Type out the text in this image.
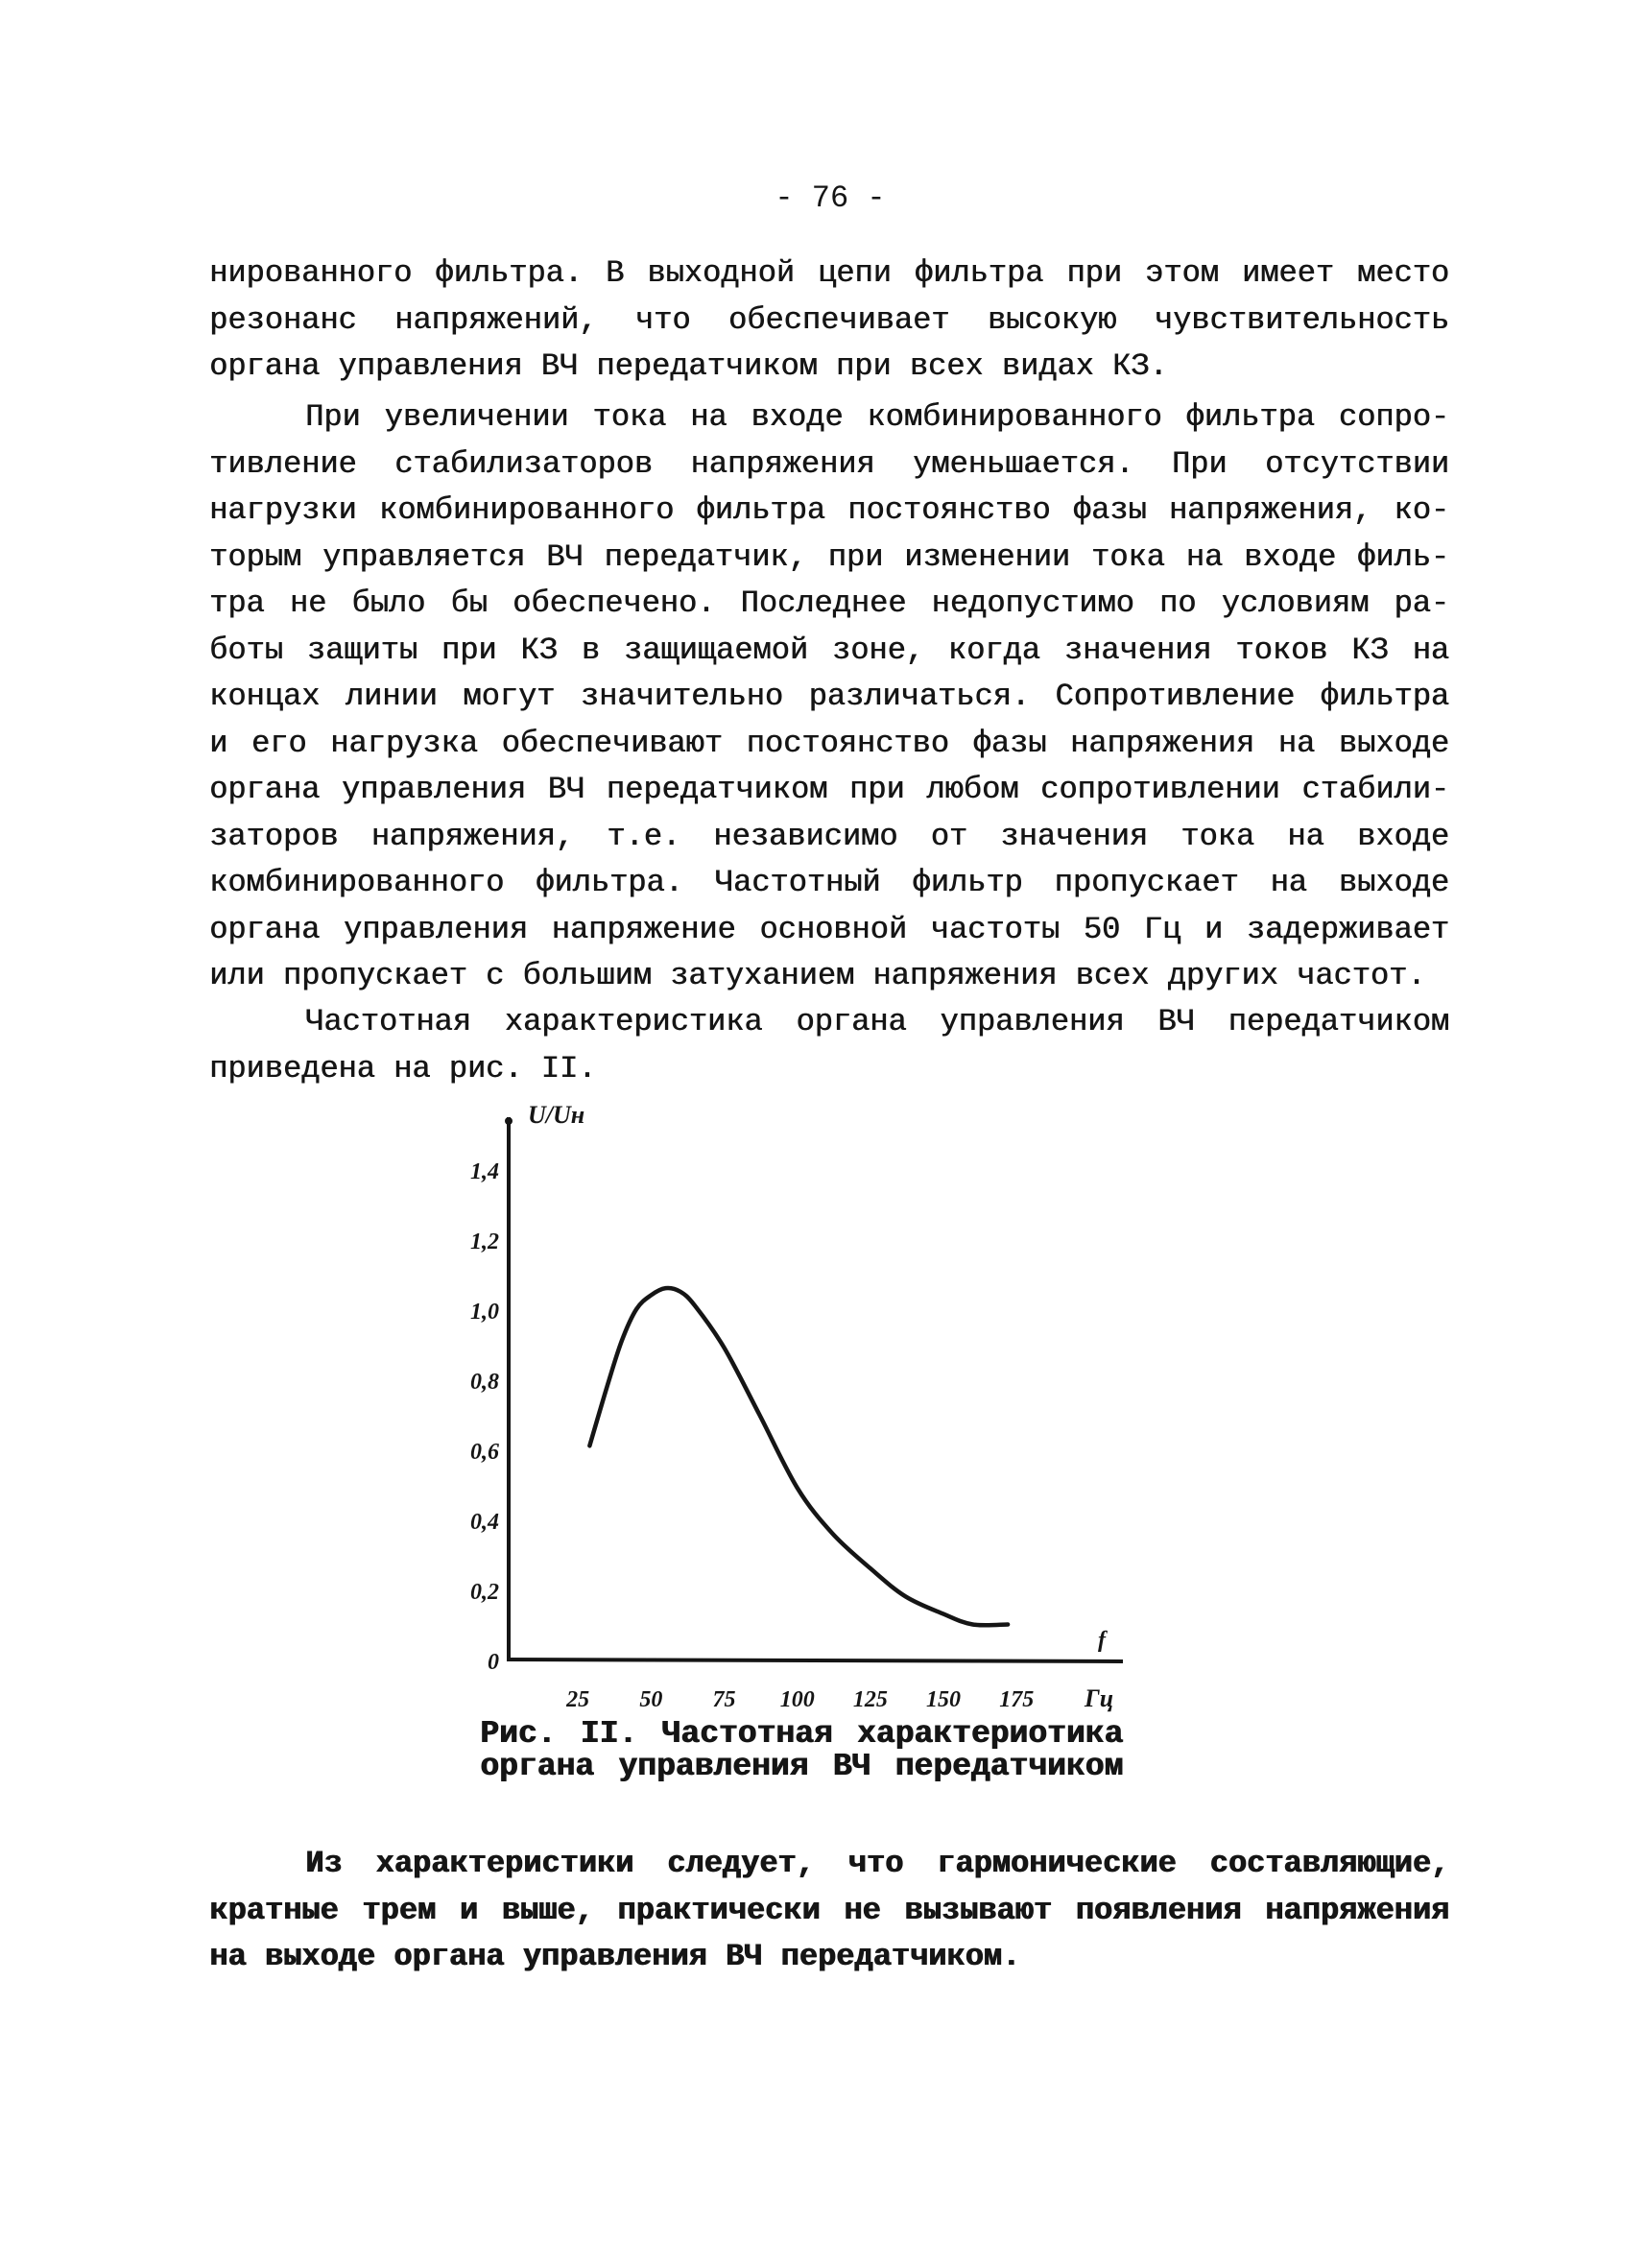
- 76 -
нированного фильтра. В выходной цепи фильтра при этом имеет место
резонанс напряжений, что обеспечивает высокую чувствительность
органа управления ВЧ передатчиком при всех видах КЗ.
При увеличении тока на входе комбинированного фильтра сопро-
тивление стабилизаторов напряжения уменьшается. При отсутствии
нагрузки комбинированного фильтра постоянство фазы напряжения, ко-
торым управляется ВЧ передатчик, при изменении тока на входе филь-
тра не было бы обеспечено. Последнее недопустимо по условиям ра-
боты защиты при КЗ в защищаемой зоне, когда значения токов КЗ на
концах линии могут значительно различаться. Сопротивление фильтра
и его нагрузка обеспечивают постоянство фазы напряжения на выходе
органа управления ВЧ передатчиком при любом сопротивлении стабили-
заторов напряжения, т.е. независимо от значения тока на входе
комбинированного фильтра. Частотный фильтр пропускает на выходе
органа управления напряжение основной частоты 50 Гц и задерживает
или пропускает с большим затуханием напряжения всех других частот.
Частотная характеристика органа управления ВЧ передатчиком
приведена на рис. II.
Из характеристики следует, что гармонические составляющие,
кратные трем и выше, практически не вызывают появления напряжения
на выходе органа управления ВЧ передатчиком.
U/Uн
f
Гц
0
0,2
0,4
0,6
0,8
1,0
1,2
1,4
25 50 75 100 125 150 175
Рис. II. Частотная характериотика
органа управления ВЧ передатчиком
